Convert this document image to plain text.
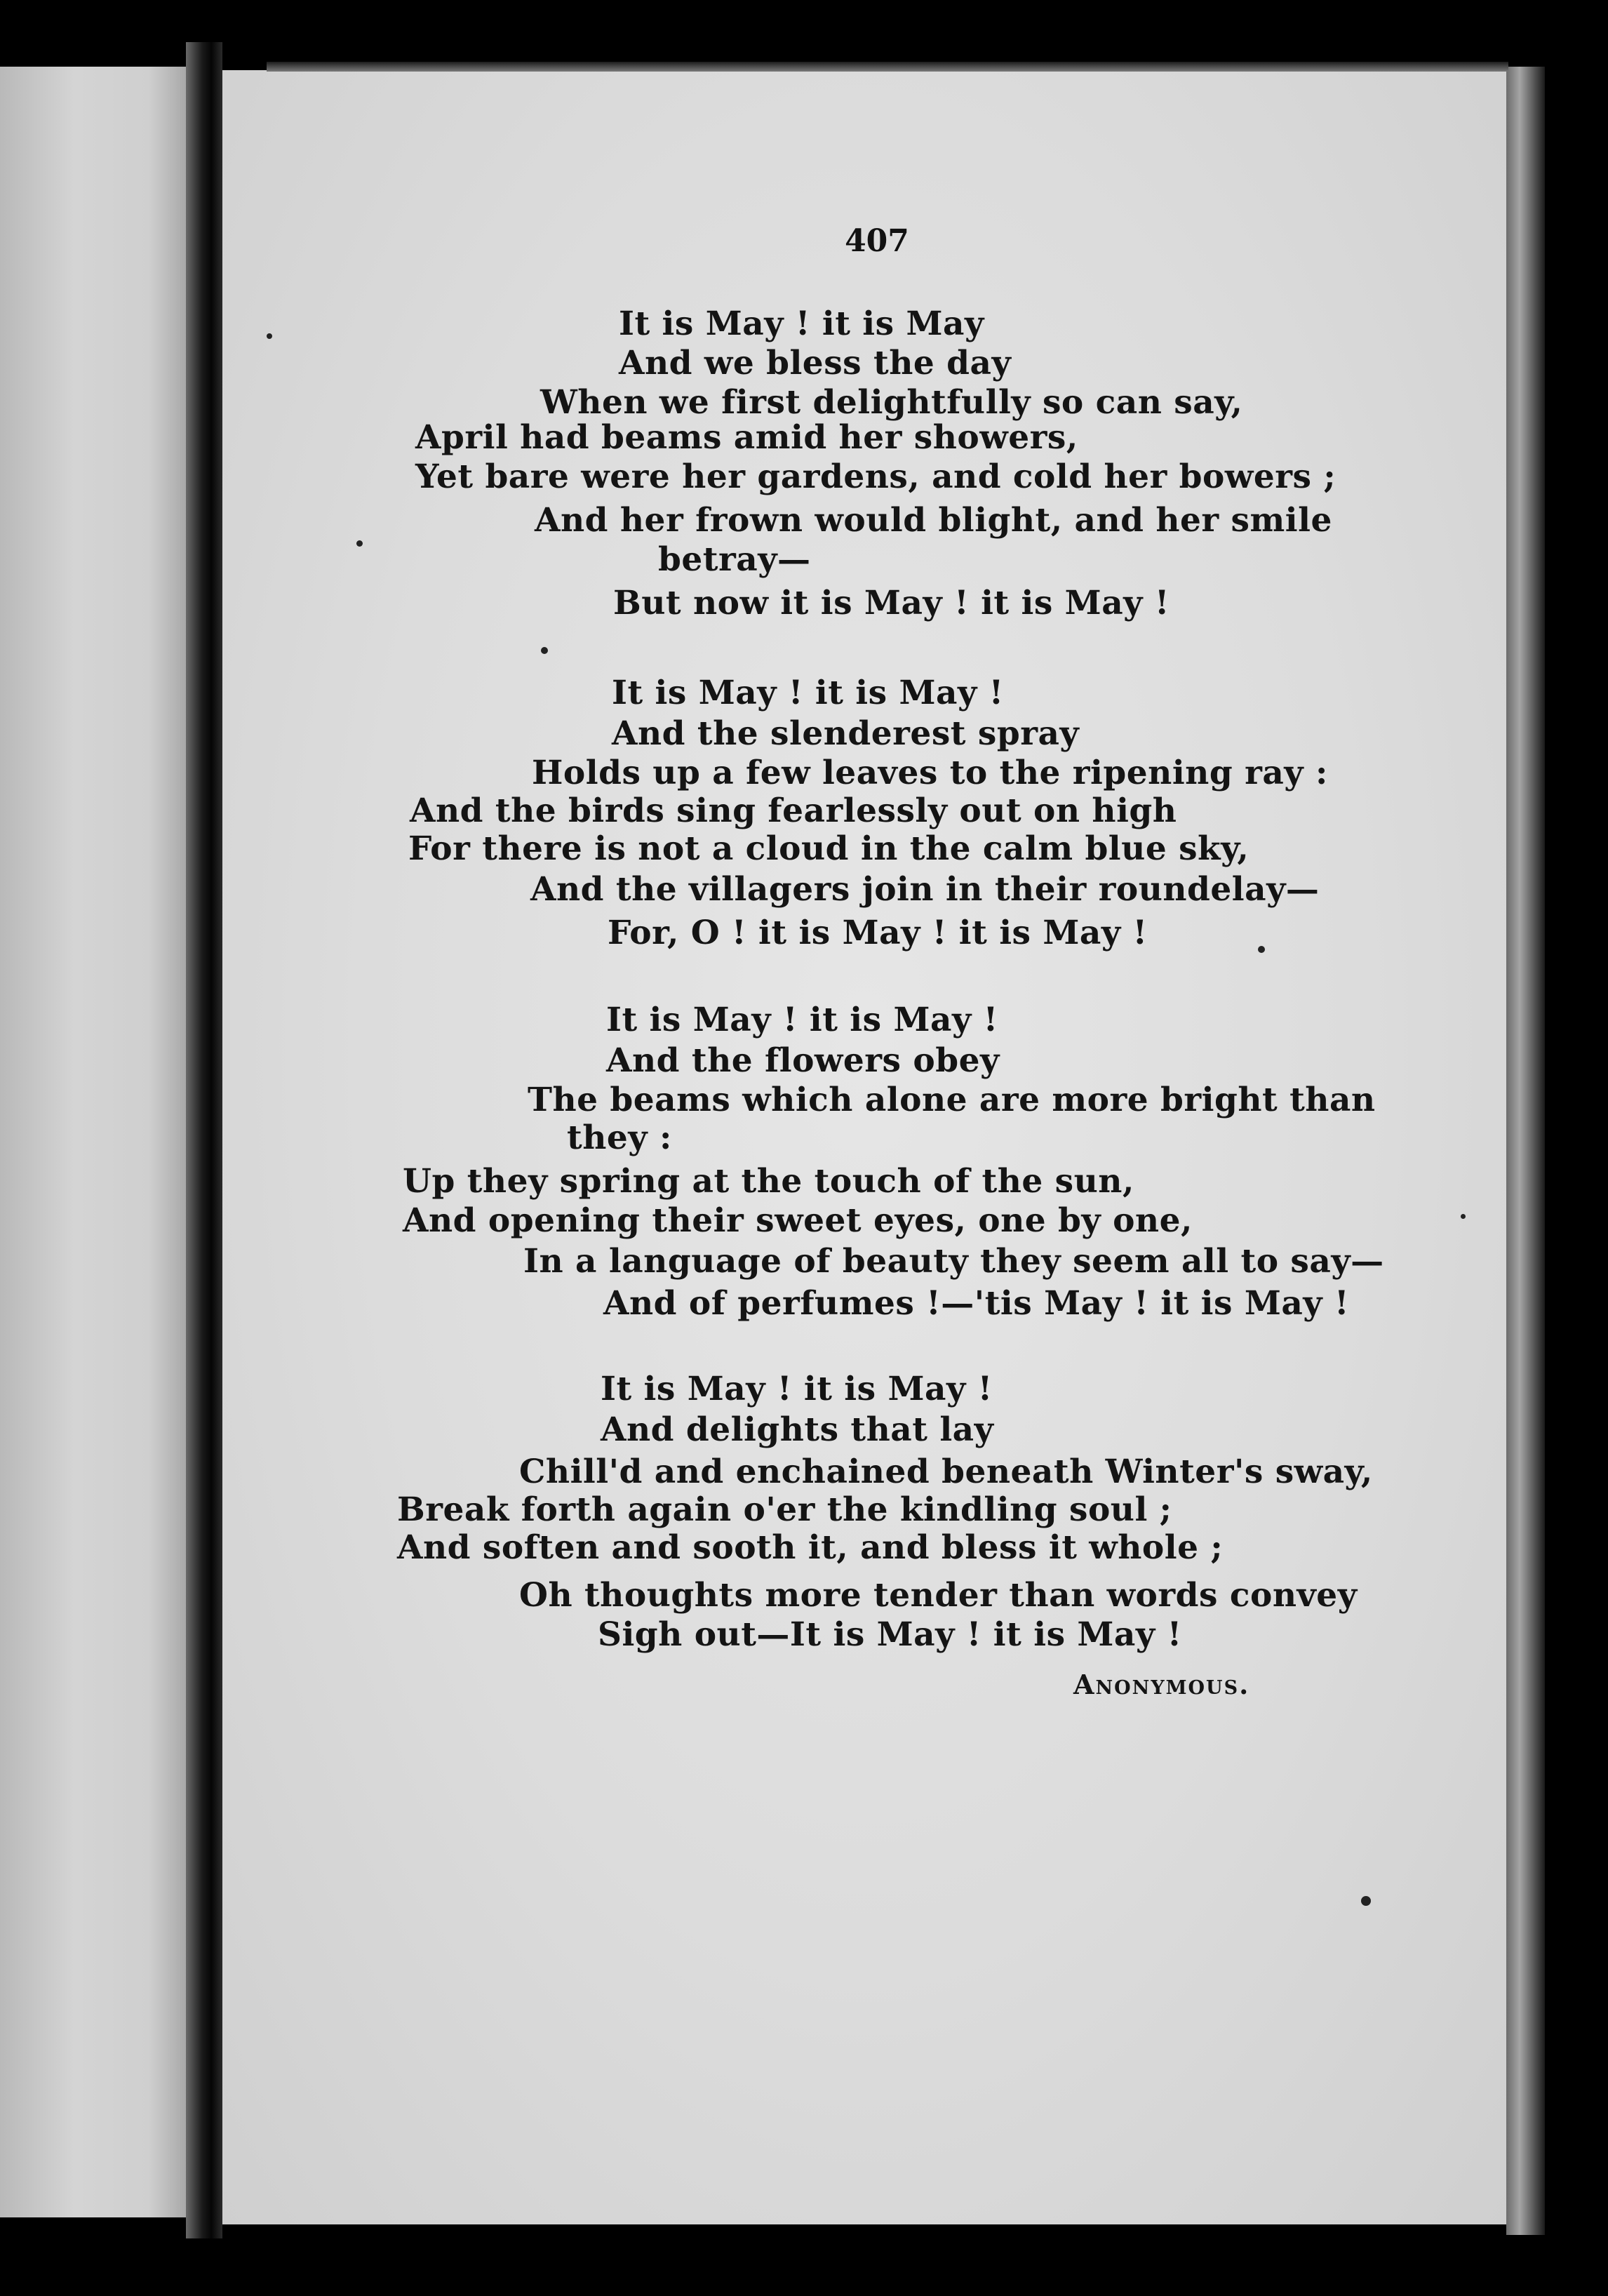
407
It is May ! it is May
And we bless the day
When we first delightfully so can say,
April had beams amid her showers,
Yet bare were her gardens, and cold her bowers ;
And her frown would blight, and her smile
betray—
But now it is May ! it is May !
It is May ! it is May !
And the slenderest spray
Holds up a few leaves to the ripening ray :
And the birds sing fearlessly out on high
For there is not a cloud in the calm blue sky,
And the villagers join in their roundelay—
For, O ! it is May ! it is May !
It is May ! it is May !
And the flowers obey
The beams which alone are more bright than
they :
Up they spring at the touch of the sun,
And opening their sweet eyes, one by one,
In a language of beauty they seem all to say—
And of perfumes !—'tis May ! it is May !
It is May ! it is May !
And delights that lay
Chill'd and enchained beneath Winter's sway,
Break forth again o'er the kindling soul ;
And soften and sooth it, and bless it whole ;
Oh thoughts more tender than words convey
Sigh out—It is May ! it is May !
Anonymous.
